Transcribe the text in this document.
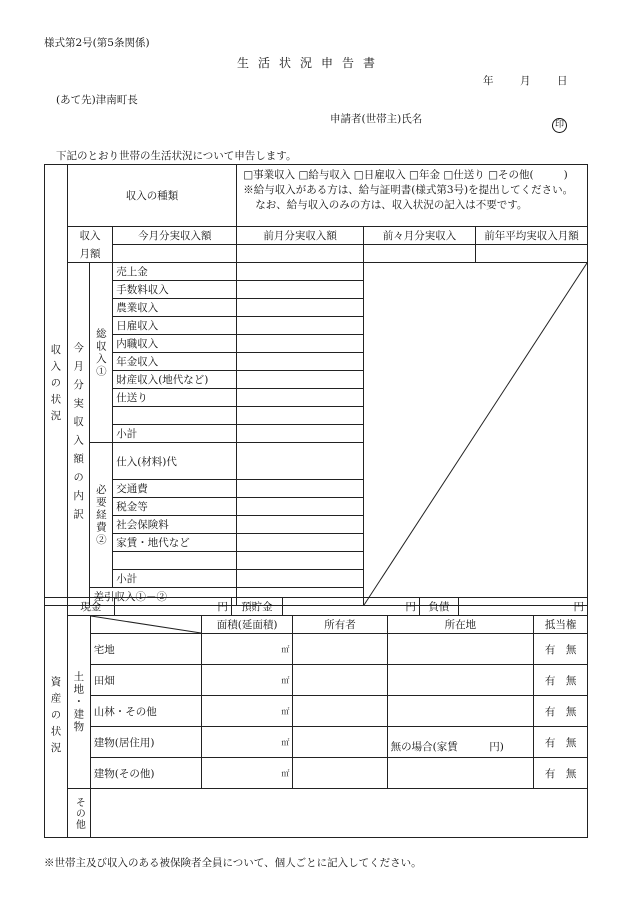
様式第2号(第5条関係)
生活状況申告書
年	月	日
(あて先)津南町長
申請者(世帯主)氏名	印
下記のとおり世帯の生活状況について申告します。
収入の状況	収入の種類	
□事業収入 □給与収入 □日雇収入 □年金 □仕送り □その他(	)
※給与収入がある方は、給与証明書(様式第3号)を提出してください。
なお、給与収入のみの方は、収入状況の記入は不要です。

収入	今月分実収入額	前月分実収入額		前々月分実収入	前年平均実収入月額

月額			

今月分実収入額の内訳	総収入①	売上金		

手数料収入	
農業収入	
日雇収入	
内職収入	
年金収入	
財産収入(地代など)	
仕送り	

小計	
必要経費②	仕入(材料)代	
交通費	
税金等	
社会保険料	
家賃・地代など	

小計	
差引収入①－②	
資産の状況	
現金	円	預貯金	円	負債	円

土地・建物	
	面積(延面積)	所有者	所在地	抵当権
宅地	㎡			有　無
田畑	㎡			有　無
山林・その他	㎡			有　無
建物(居住用)	㎡		無の場合(家賃　　　円)	有　無
建物(その他)	㎡			有　無
その他	
※世帯主及び収入のある被保険者全員について、個人ごとに記入してください。
